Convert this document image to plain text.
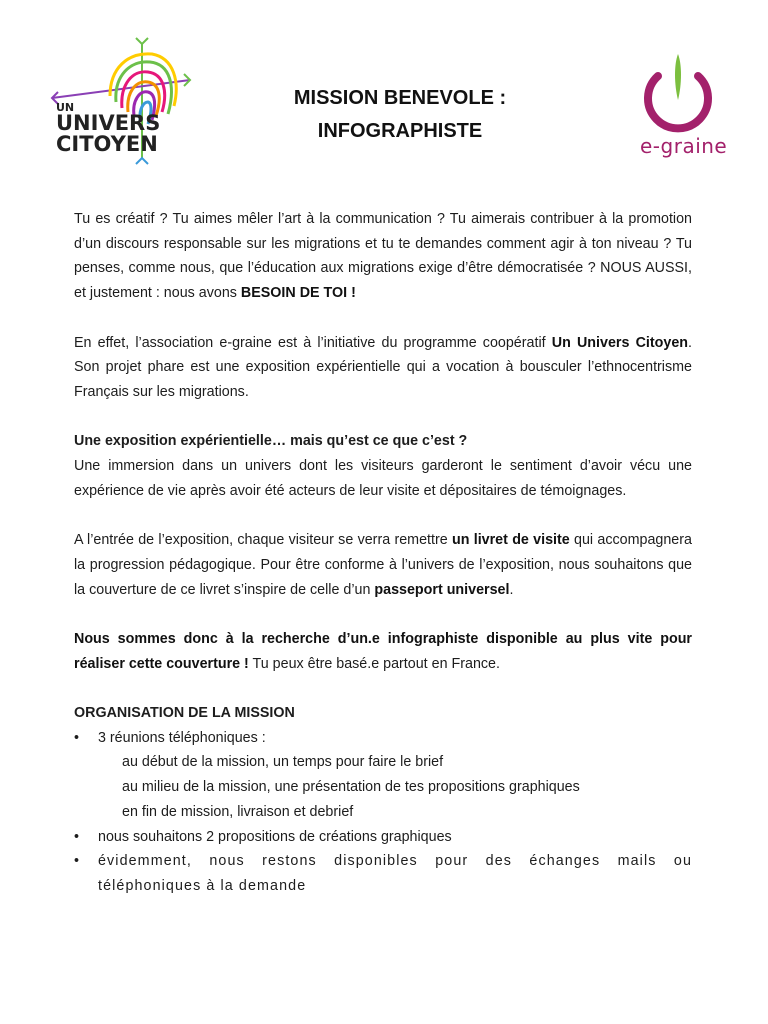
UN
UNIVERS
CITOYEN
MISSION BENEVOLE :
INFOGRAPHISTE
e-graine

Tu es créatif ? Tu aimes mêler l’art à la communication ? Tu aimerais contribuer à la promotion d’un discours responsable sur les migrations et tu te demandes comment agir à ton niveau ? Tu penses, comme nous, que l’éducation aux migrations exige d’être démocratisée ? NOUS AUSSI, et justement : nous avons BESOIN DE TOI !

En effet, l’association e-graine est à l’initiative du programme coopératif Un Univers Citoyen. Son projet phare est une exposition expérientielle qui a vocation à bousculer l’ethnocentrisme Français sur les migrations.

Une exposition expérientielle… mais qu’est ce que c’est ?

Une immersion dans un univers dont les visiteurs garderont le sentiment d’avoir vécu une expérience de vie après avoir été acteurs de leur visite et dépositaires de témoignages.

A l’entrée de l’exposition, chaque visiteur se verra remettre un livret de visite qui accompagnera la progression pédagogique. Pour être conforme à l’univers de l’exposition, nous souhaitons que la couverture de ce livret s’inspire de celle d’un passeport universel.

Nous sommes donc à la recherche d’un.e infographiste disponible au plus vite pour réaliser cette couverture ! Tu peux être basé.e partout en France.

ORGANISATION DE LA MISSION
• 3 réunions téléphoniques :
au début de la mission, un temps pour faire le brief
au milieu de la mission, une présentation de tes propositions graphiques
en fin de mission, livraison et debrief
• nous souhaitons 2 propositions de créations graphiques
• évidemment, nous restons disponibles pour des échanges mails ou téléphoniques à la demande
